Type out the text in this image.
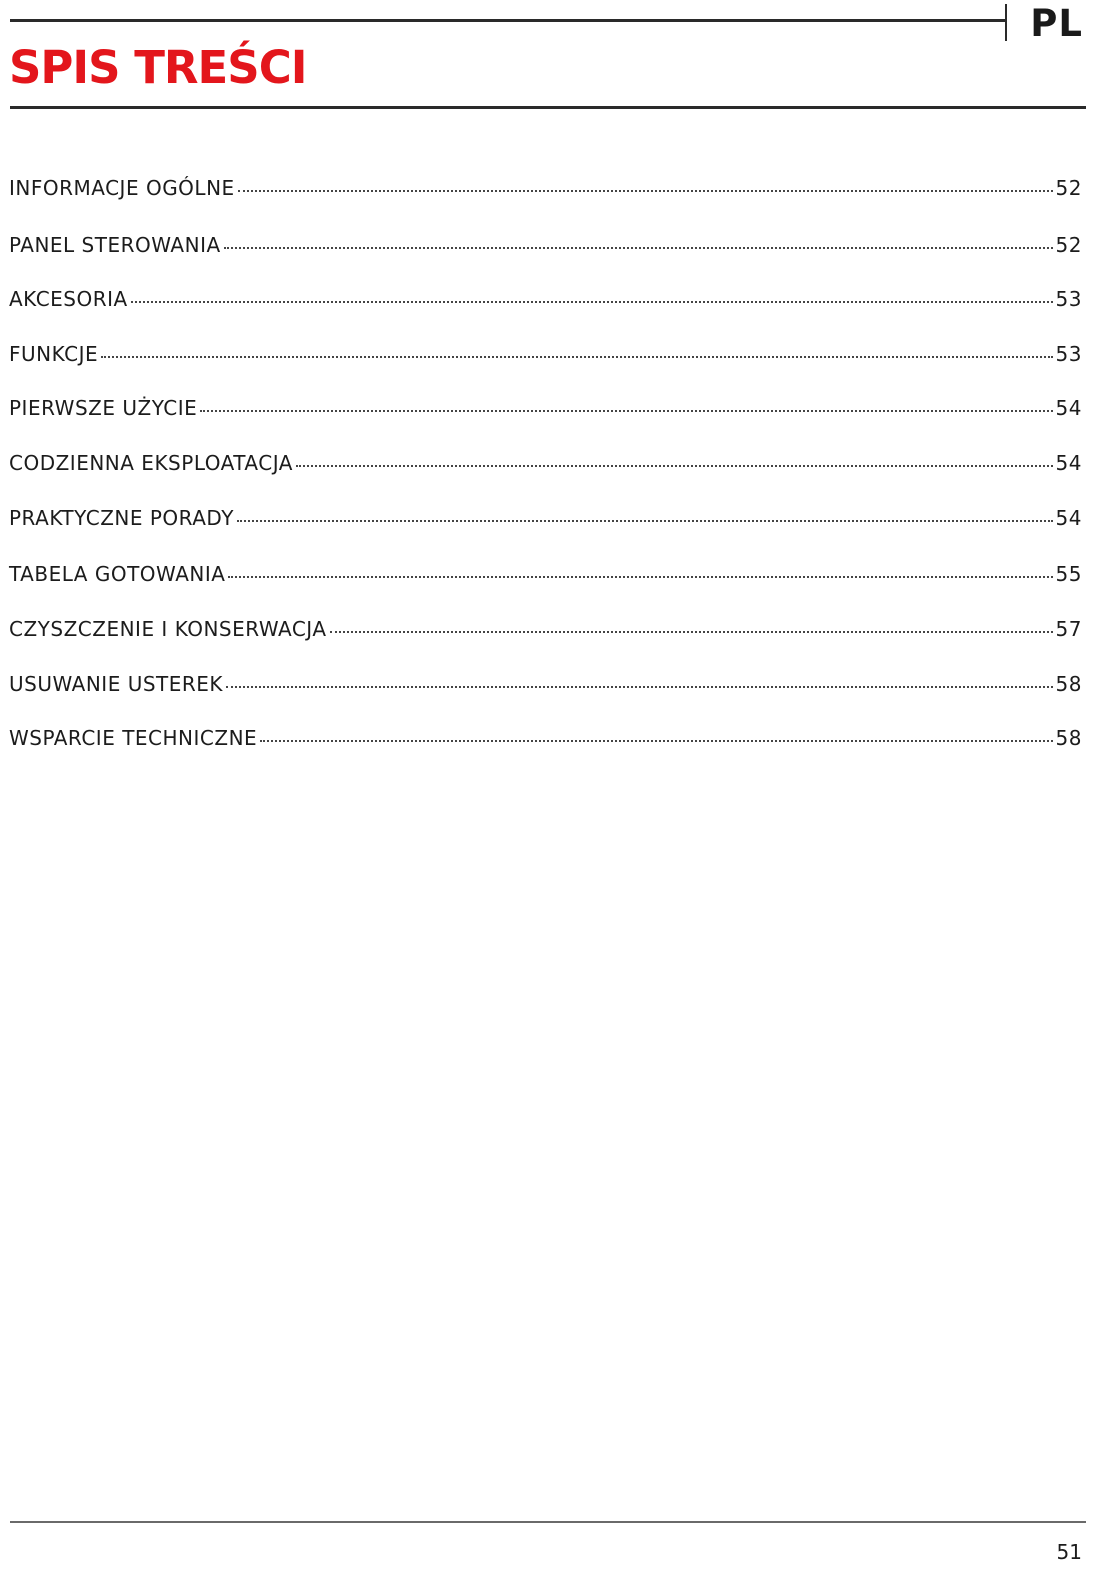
PL
SPIS TREŚCI
INFORMACJE OGÓLNE	52
PANEL STEROWANIA	52
AKCESORIA	53
FUNKCJE	53
PIERWSZE UŻYCIE	54
CODZIENNA EKSPLOATACJA	54
PRAKTYCZNE PORADY	54
TABELA GOTOWANIA	55
CZYSZCZENIE I KONSERWACJA	57
USUWANIE USTEREK	58
WSPARCIE TECHNICZNE	58
51
